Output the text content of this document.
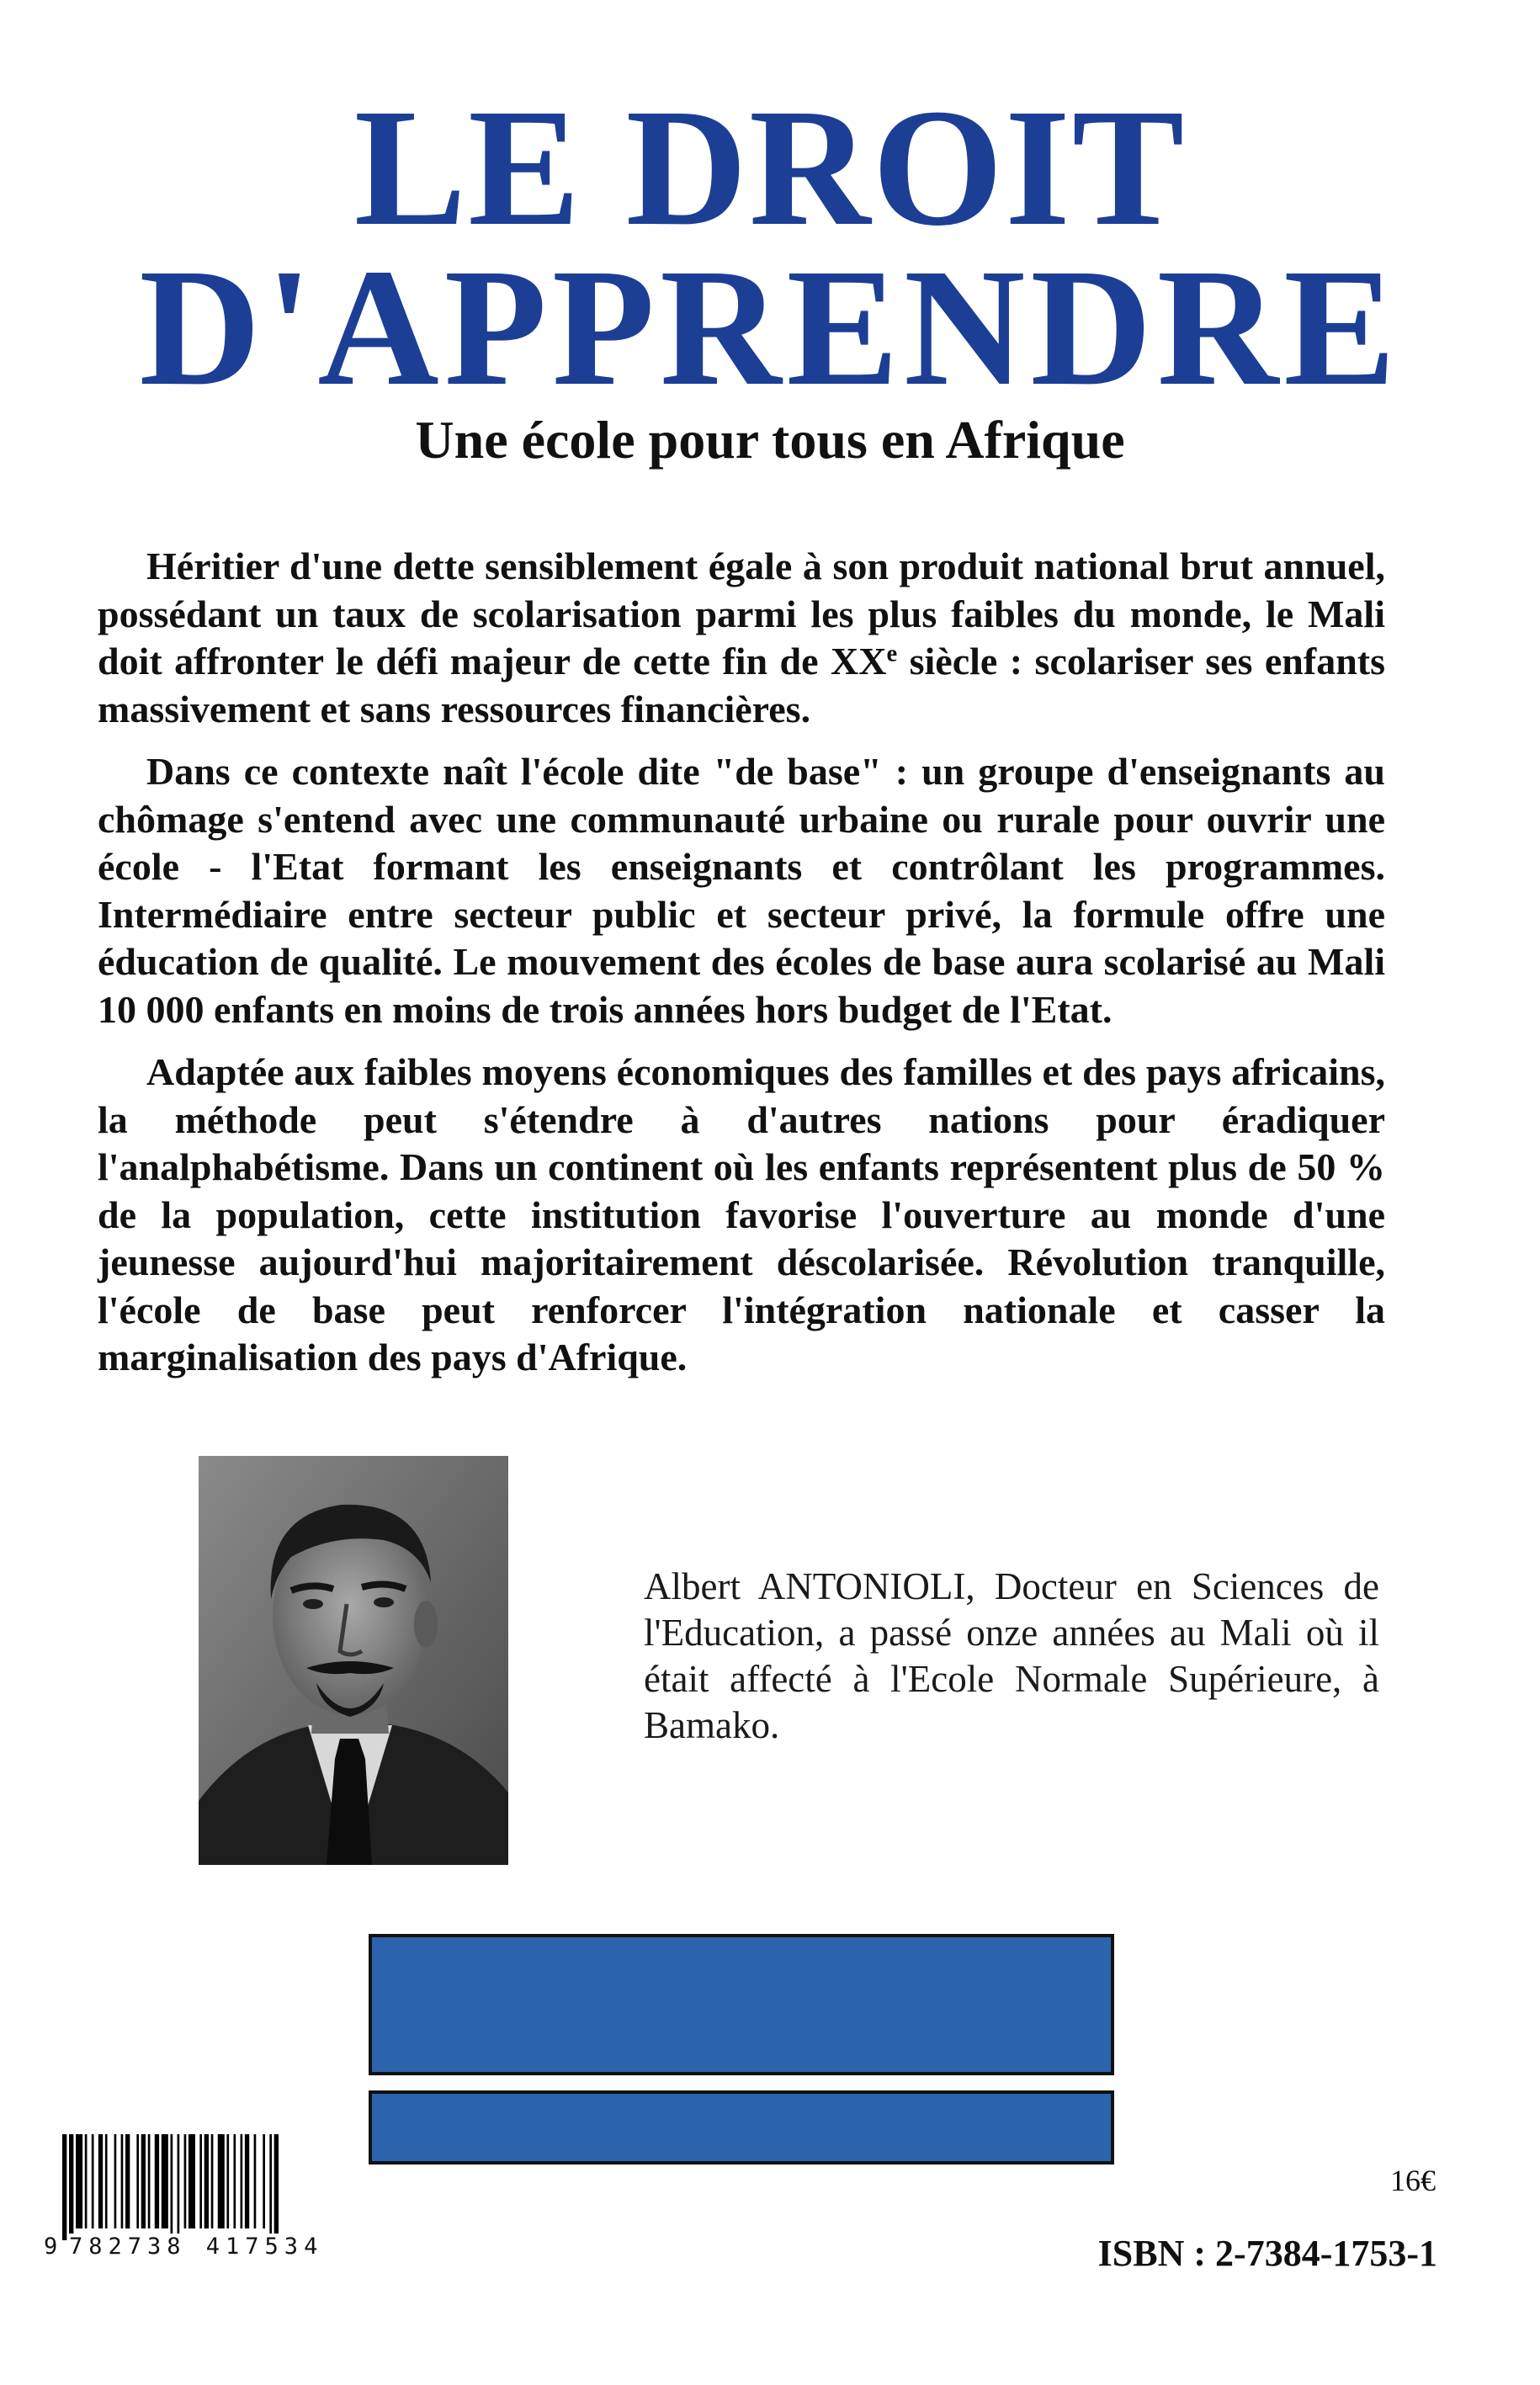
LE DROIT
D'APPRENDRE
Une école pour tous en Afrique

Héritier d'une dette sensiblement égale à son produit national brut annuel, possédant un taux de scolarisation parmi les plus faibles du monde, le Mali doit affronter le défi majeur de cette fin de XXe siècle : scolariser ses enfants massivement et sans ressources financières.

Dans ce contexte naît l'école dite "de base" : un groupe d'enseignants au chômage s'entend avec une communauté urbaine ou rurale pour ouvrir une école - l'Etat formant les enseignants et contrôlant les programmes. Intermédiaire entre secteur public et secteur privé, la formule offre une éducation de qualité. Le mouvement des écoles de base aura scolarisé au Mali 10 000 enfants en moins de trois années hors budget de l'Etat.

Adaptée aux faibles moyens économiques des familles et des pays africains, la méthode peut s'étendre à d'autres nations pour éradiquer l'analphabétisme. Dans un continent où les enfants représentent plus de 50 % de la population, cette institution favorise l'ouverture au monde d'une jeunesse aujourd'hui majoritairement déscolarisée. Révolution tranquille, l'école de base peut renforcer l'intégration nationale et casser la marginalisation des pays d'Afrique.

Albert ANTONIOLI, Docteur en Sciences de l'Education, a passé onze années au Mali où il était affecté à l'Ecole Normale Supérieure, à Bamako.
9 782738 417534
16€
ISBN : 2-7384-1753-1
